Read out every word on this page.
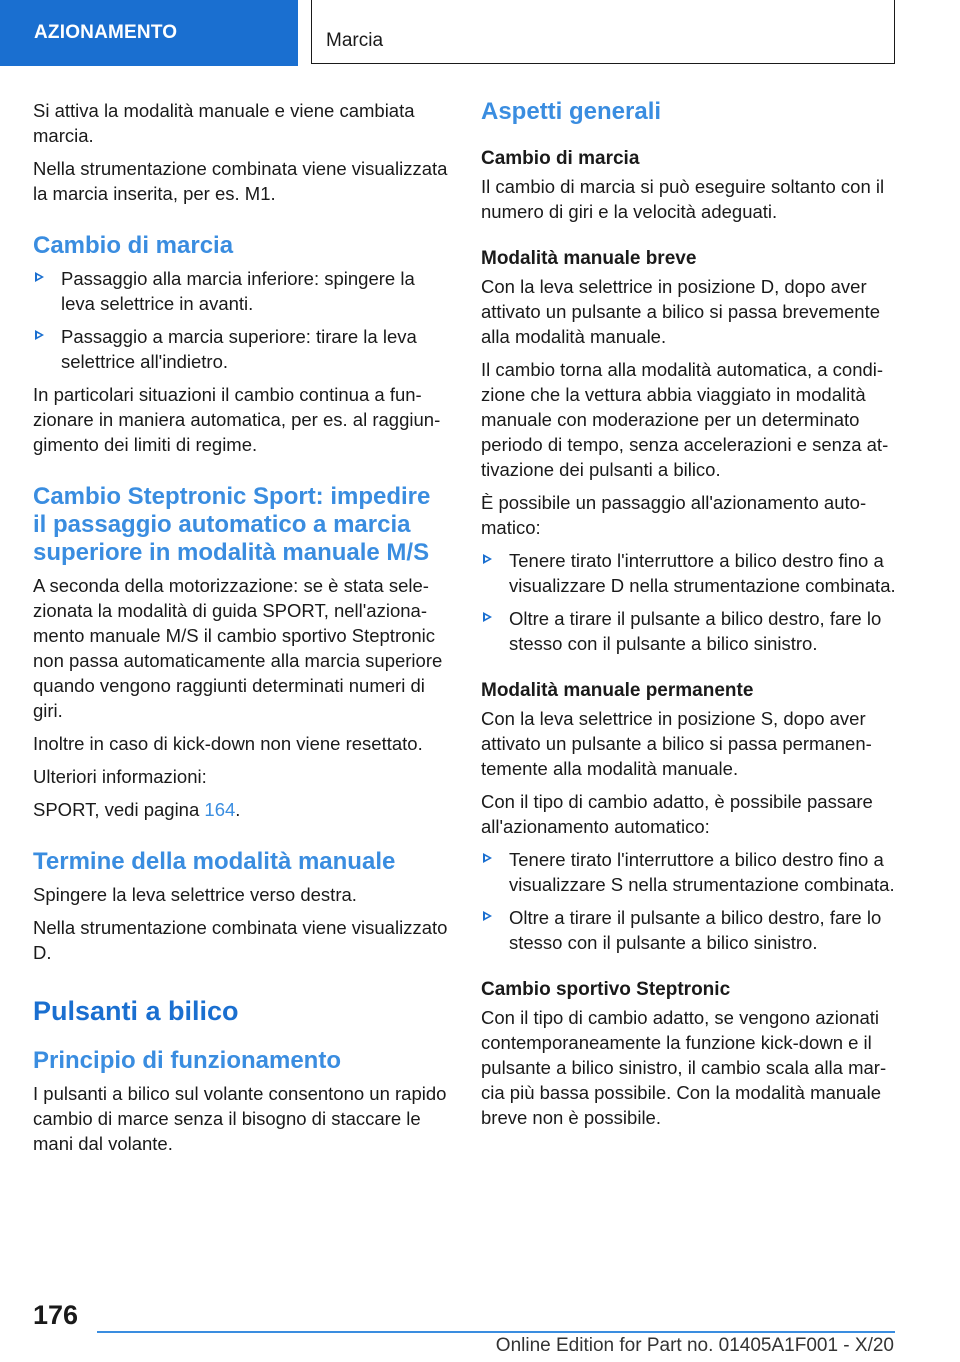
AZIONAMENTO	Marcia

Si attiva la modalità manuale e viene cambiata marcia.

Nella strumentazione combinata viene visualizzata la marcia inserita, per es. M1.

Cambio di marcia
Passaggio alla marcia inferiore: spingere la leva selettrice in avanti.
Passaggio a marcia superiore: tirare la leva selettrice all'indietro.

In particolari situazioni il cambio continua a funzionare in maniera automatica, per es. al raggiungimento dei limiti di regime.

Cambio Steptronic Sport: impedire il passaggio automatico a marcia superiore in modalità manuale M/S

A seconda della motorizzazione: se è stata selezionata la modalità di guida SPORT, nell'azionamento manuale M/S il cambio sportivo Steptronic non passa automaticamente alla marcia superiore quando vengono raggiunti determinati numeri di giri.

Inoltre in caso di kick-down non viene resettato.

Ulteriori informazioni:

SPORT, vedi pagina 164.

Termine della modalità manuale

Spingere la leva selettrice verso destra.

Nella strumentazione combinata viene visualizzato D.

Pulsanti a bilico
Principio di funzionamento

I pulsanti a bilico sul volante consentono un rapido cambio di marce senza il bisogno di staccare le mani dal volante.

Aspetti generali
Cambio di marcia

Il cambio di marcia si può eseguire soltanto con il numero di giri e la velocità adeguati.

Modalità manuale breve

Con la leva selettrice in posizione D, dopo aver attivato un pulsante a bilico si passa brevemente alla modalità manuale.

Il cambio torna alla modalità automatica, a condizione che la vettura abbia viaggiato in modalità manuale con moderazione per un determinato periodo di tempo, senza accelerazioni e senza attivazione dei pulsanti a bilico.

È possibile un passaggio all'azionamento automatico:

Tenere tirato l'interruttore a bilico destro fino a visualizzare D nella strumentazione combinata.
Oltre a tirare il pulsante a bilico destro, fare lo stesso con il pulsante a bilico sinistro.
Modalità manuale permanente

Con la leva selettrice in posizione S, dopo aver attivato un pulsante a bilico si passa permanentemente alla modalità manuale.

Con il tipo di cambio adatto, è possibile passare all'azionamento automatico:

Tenere tirato l'interruttore a bilico destro fino a visualizzare S nella strumentazione combinata.
Oltre a tirare il pulsante a bilico destro, fare lo stesso con il pulsante a bilico sinistro.
Cambio sportivo Steptronic

Con il tipo di cambio adatto, se vengono azionati contemporaneamente la funzione kick-down e il pulsante a bilico sinistro, il cambio scala alla marcia più bassa possibile. Con la modalità manuale breve non è possibile.

176
Online Edition for Part no. 01405A1F001 - X/20
